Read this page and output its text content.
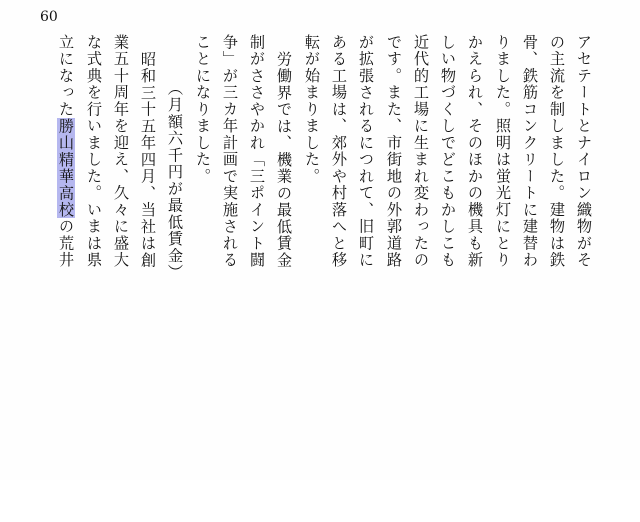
60
アセテートとナイロン織物がそ
の主流を制しました。建物は鉄
骨、鉄筋コンクリートに建替わ
りました。照明は蛍光灯にとり
かえられ、そのほかの機具も新
しい物づくしでどこもかしこも
近代的工場に生まれ変わったの
です。また、市街地の外郭道路
が拡張されるにつれて、旧町に
ある工場は、郊外や村落へと移
転が始まりました。
労働界では、機業の最低賃金
制がささやかれ「三ポイント闘
争」が三カ年計画で実施される
ことになりました。
（月額六千円が最低賃金）
昭和三十五年四月、当社は創
業五十周年を迎え、久々に盛大
な式典を行いました。いまは県
立になった勝山精華高校の荒井
